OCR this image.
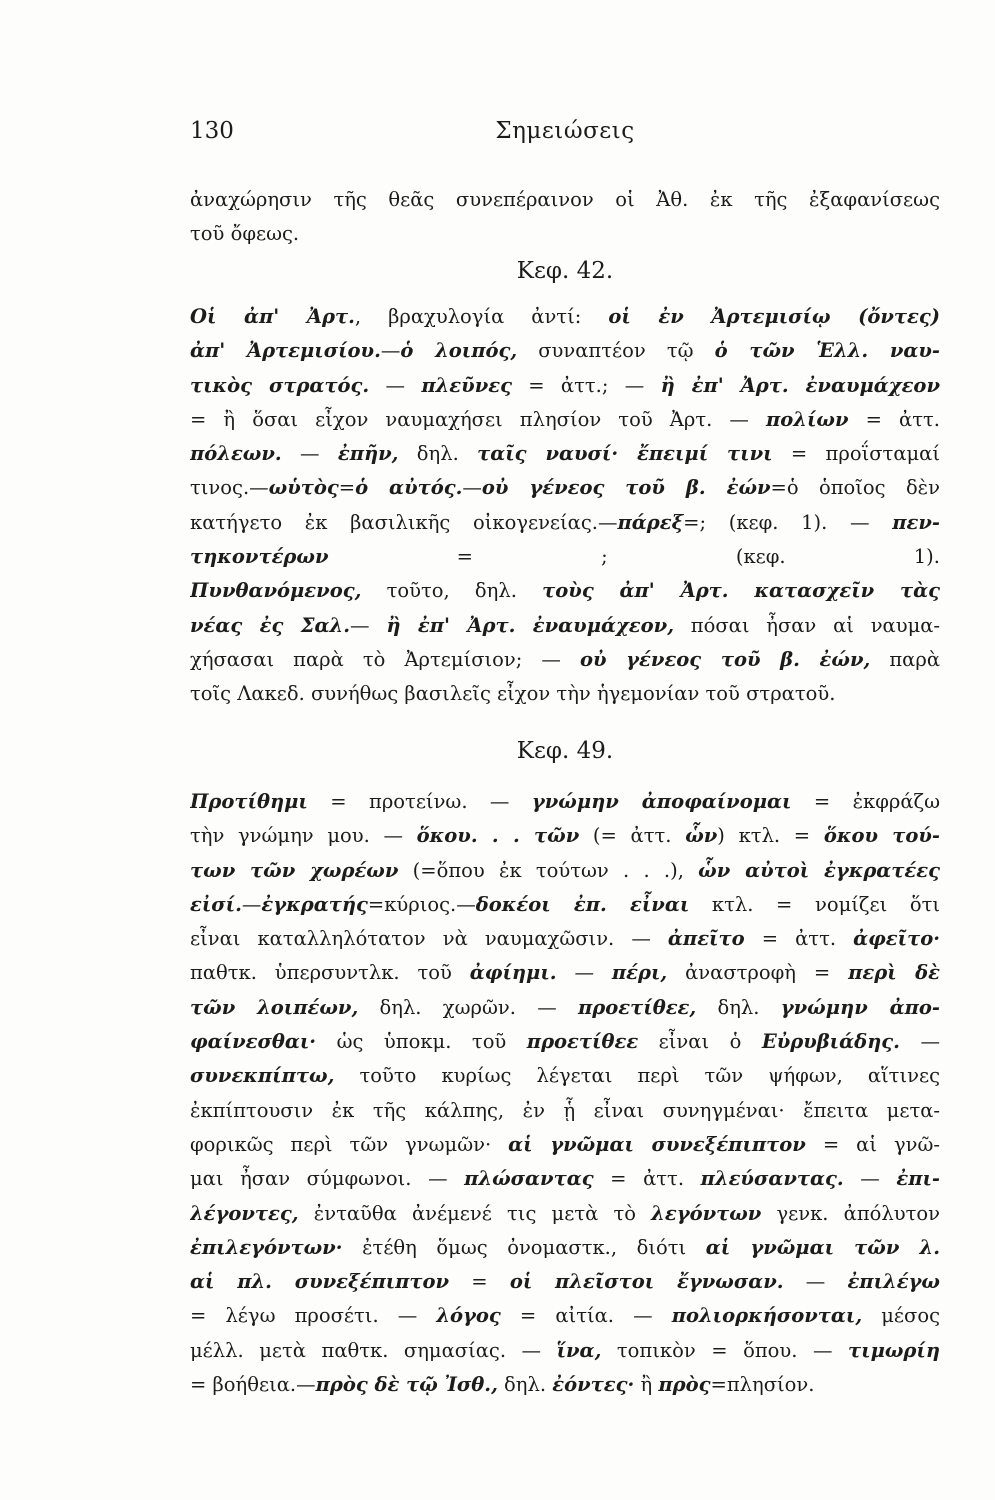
130	Σημειώσεις
ἀναχώρησιν τῆς θεᾶς συνεπέραινον οἱ Ἀθ. ἐκ τῆς ἐξαφανίσεως
τοῦ ὄφεως.
Κεφ. 42.
Οἱ ἀπ' Ἀρτ., βραχυλογία ἀντί: οἱ ἐν Ἀρτεμισίῳ (ὄντες)
ἀπ' Ἀρτεμισίου.—ὁ λοιπός, συναπτέον τῷ ὁ τῶν Ἑλλ. ναυ-
τικὸς στρατός. — πλεῦνες = ἀττ.; — ἢ ἐπ' Ἀρτ. ἐναυμάχεον
= ἢ ὅσαι εἶχον ναυμαχήσει πλησίον τοῦ Ἀρτ. — πολίων = ἀττ.
πόλεων. — ἐπῆν, δηλ. ταῖς ναυσί· ἔπειμί τινι = προΐσταμαί
τινος.—ωὑτὸς=ὁ αὐτός.—οὐ γένεος τοῦ β. ἐών=ὁ ὁποῖος δὲν
κατήγετο ἐκ βασιλικῆς οἰκογενείας.—πάρεξ=; (κεφ. 1). — πεν-
τηκοντέρων = ; (κεφ. 1).
Πυνθανόμενος, τοῦτο, δηλ. τοὺς ἀπ' Ἀρτ. κατασχεῖν τὰς
νέας ἐς Σαλ.— ἢ ἐπ' Ἀρτ. ἐναυμάχεον, πόσαι ἦσαν αἱ ναυμα-
χήσασαι παρὰ τὸ Ἀρτεμίσιον; — οὐ γένεος τοῦ β. ἐών, παρὰ
τοῖς Λακεδ. συνήθως βασιλεῖς εἶχον τὴν ἡγεμονίαν τοῦ στρατοῦ.
Κεφ. 49.
Προτίθημι = προτείνω. — γνώμην ἀποφαίνομαι = ἐκφράζω
τὴν γνώμην μου. — ὅκου. . . τῶν (= ἀττ. ὧν) κτλ. = ὅκου τού-
των τῶν χωρέων (=ὅπου ἐκ τούτων . . .), ὧν αὐτοὶ ἐγκρατέες
εἰσί.—ἐγκρατής=κύριος.—δοκέοι ἐπ. εἶναι κτλ. = νομίζει ὅτι
εἶναι καταλληλότατον νὰ ναυμαχῶσιν. — ἀπεῖτο = ἀττ. ἀφεῖτο·
παθτκ. ὑπερσυντλκ. τοῦ ἀφίημι. — πέρι, ἀναστροφὴ = περὶ δὲ
τῶν λοιπέων, δηλ. χωρῶν. — προετίθεε, δηλ. γνώμην ἀπο-
φαίνεσθαι· ὡς ὑποκμ. τοῦ προετίθεε εἶναι ὁ Εὐρυβιάδης. —
συνεκπίπτω, τοῦτο κυρίως λέγεται περὶ τῶν ψήφων, αἵτινες
ἐκπίπτουσιν ἐκ τῆς κάλπης, ἐν ᾗ εἶναι συνηγμέναι· ἔπειτα μετα-
φορικῶς περὶ τῶν γνωμῶν· αἱ γνῶμαι συνεξέπιπτον = αἱ γνῶ-
μαι ἦσαν σύμφωνοι. — πλώσαντας = ἀττ. πλεύσαντας. — ἐπι-
λέγοντες, ἐνταῦθα ἀνέμενέ τις μετὰ τὸ λεγόντων γενκ. ἀπόλυτον
ἐπιλεγόντων· ἐτέθη ὅμως ὀνομαστκ., διότι αἱ γνῶμαι τῶν λ.
αἱ πλ. συνεξέπιπτον = οἱ πλεῖστοι ἔγνωσαν. — ἐπιλέγω
= λέγω προσέτι. — λόγος = αἰτία. — πολιορκήσονται, μέσος
μέλλ. μετὰ παθτκ. σημασίας. — ἵνα, τοπικὸν = ὅπου. — τιμωρίη
= βοήθεια.—πρὸς δὲ τῷ Ἰσθ., δηλ. ἐόντες· ἢ πρὸς=πλησίον.
